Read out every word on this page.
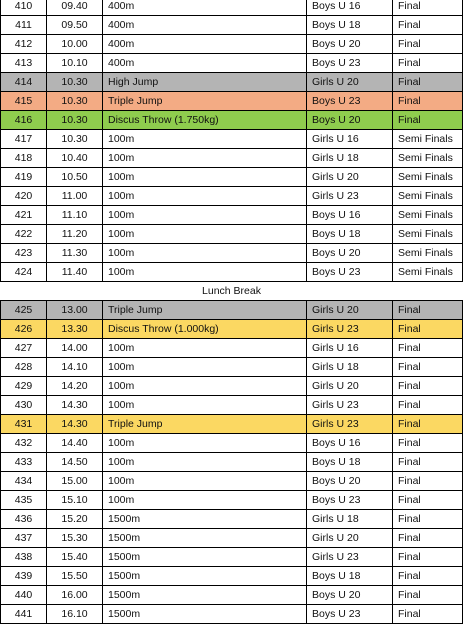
410	09.40	400m	Boys U 16	Final
411	09.50	400m	Boys U 18	Final
412	10.00	400m	Boys U 20	Final
413	10.10	400m	Boys U 23	Final
414	10.30	High Jump	Girls U 20	Final
415	10.30	Triple Jump	Boys U 23	Final
416	10.30	Discus Throw (1.750kg)	Boys U 20	Final
417	10.30	100m	Girls U 16	Semi Finals
418	10.40	100m	Girls U 18	Semi Finals
419	10.50	100m	Girls U 20	Semi Finals
420	11.00	100m	Girls U 23	Semi Finals
421	11.10	100m	Boys U 16	Semi Finals
422	11.20	100m	Boys U 18	Semi Finals
423	11.30	100m	Boys U 20	Semi Finals
424	11.40	100m	Boys U 23	Semi Finals
Lunch Break				
425	13.00	Triple Jump	Girls U 20	Final
426	13.30	Discus Throw (1.000kg)	Girls U 23	Final
427	14.00	100m	Girls U 16	Final
428	14.10	100m	Girls U 18	Final
429	14.20	100m	Girls U 20	Final
430	14.30	100m	Girls U 23	Final
431	14.30	Triple Jump	Girls U 23	Final
432	14.40	100m	Boys U 16	Final
433	14.50	100m	Boys U 18	Final
434	15.00	100m	Boys U 20	Final
435	15.10	100m	Boys U 23	Final
436	15.20	1500m	Girls U 18	Final
437	15.30	1500m	Girls U 20	Final
438	15.40	1500m	Girls U 23	Final
439	15.50	1500m	Boys U 18	Final
440	16.00	1500m	Boys U 20	Final
441	16.10	1500m	Boys U 23	Final
